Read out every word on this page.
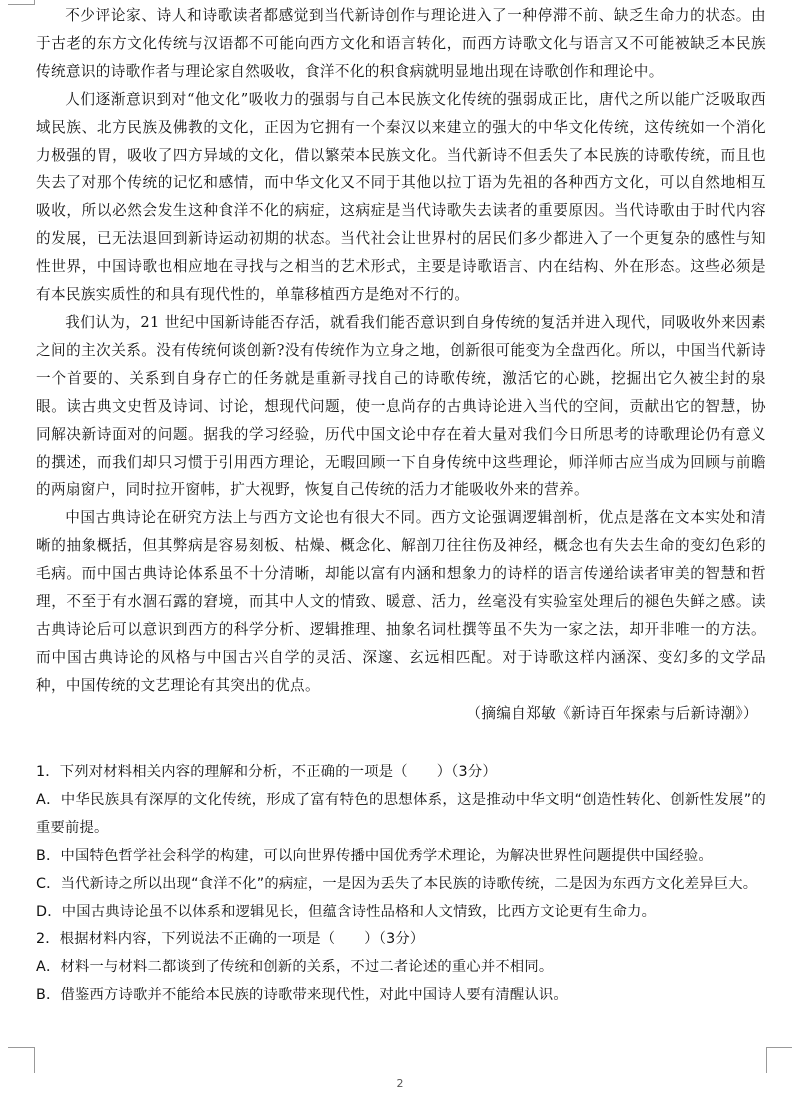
不少评论家、诗人和诗歌读者都感觉到当代新诗创作与理论进入了一种停滞不前、缺乏生命力的状态。由于古老的东方文化传统与汉语都不可能向西方文化和语言转化，而西方诗歌文化与语言又不可能被缺乏本民族传统意识的诗歌作者与理论家自然吸收，食洋不化的积食病就明显地出现在诗歌创作和理论中。

人们逐渐意识到对“他文化”吸收力的强弱与自己本民族文化传统的强弱成正比，唐代之所以能广泛吸取西域民族、北方民族及佛教的文化，正因为它拥有一个秦汉以来建立的强大的中华文化传统，这传统如一个消化力极强的胃，吸收了四方异域的文化，借以繁荣本民族文化。当代新诗不但丢失了本民族的诗歌传统，而且也失去了对那个传统的记忆和感情，而中华文化又不同于其他以拉丁语为先祖的各种西方文化，可以自然地相互吸收，所以必然会发生这种食洋不化的病症，这病症是当代诗歌失去读者的重要原因。当代诗歌由于时代内容的发展，已无法退回到新诗运动初期的状态。当代社会让世界村的居民们多少都进入了一个更复杂的感性与知性世界，中国诗歌也相应地在寻找与之相当的艺术形式，主要是诗歌语言、内在结构、外在形态。这些必须是有本民族实质性的和具有现代性的，单靠移植西方是绝对不行的。

我们认为，21 世纪中国新诗能否存活，就看我们能否意识到自身传统的复活并进入现代，同吸收外来因素之间的主次关系。没有传统何谈创新?没有传统作为立身之地，创新很可能变为全盘西化。所以，中国当代新诗一个首要的、关系到自身存亡的任务就是重新寻找自己的诗歌传统，激活它的心跳，挖掘出它久被尘封的泉眼。读古典文史哲及诗词、讨论，想现代问题，使一息尚存的古典诗论进入当代的空间，贡献出它的智慧，协同解决新诗面对的问题。据我的学习经验，历代中国文论中存在着大量对我们今日所思考的诗歌理论仍有意义的撰述，而我们却只习惯于引用西方理论，无暇回顾一下自身传统中这些理论，师洋师古应当成为回顾与前瞻的两扇窗户，同时拉开窗帏，扩大视野，恢复自己传统的活力才能吸收外来的营养。

中国古典诗论在研究方法上与西方文论也有很大不同。西方文论强调逻辑剖析，优点是落在文本实处和清晰的抽象概括，但其弊病是容易刻板、枯燥、概念化、解剖刀往往伤及神经，概念也有失去生命的变幻色彩的毛病。而中国古典诗论体系虽不十分清晰，却能以富有内涵和想象力的诗样的语言传递给读者审美的智慧和哲理，不至于有水涸石露的窘境，而其中人文的情致、暖意、活力，丝毫没有实验室处理后的褪色失鲜之感。读古典诗论后可以意识到西方的科学分析、逻辑推理、抽象名词杜撰等虽不失为一家之法，却开非唯一的方法。而中国古典诗论的风格与中国古兴自学的灵活、深邃、玄远相匹配。对于诗歌这样内涵深、变幻多的文学品种，中国传统的文艺理论有其突出的优点。

（摘编自郑敏《新诗百年探索与后新诗潮》）

1．下列对材料相关内容的理解和分析，不正确的一项是（　　）（3分）

A．中华民族具有深厚的文化传统，形成了富有特色的思想体系，这是推动中华文明“创造性转化、创新性发展”的重要前提。

B．中国特色哲学社会科学的构建，可以向世界传播中国优秀学术理论，为解决世界性问题提供中国经验。

C．当代新诗之所以出现“食洋不化”的病症，一是因为丢失了本民族的诗歌传统，二是因为东西方文化差异巨大。

D．中国古典诗论虽不以体系和逻辑见长，但蕴含诗性品格和人文情致，比西方文论更有生命力。

2．根据材料内容，下列说法不正确的一项是（　　）（3分）

A．材料一与材料二都谈到了传统和创新的关系，不过二者论述的重心并不相同。

B．借鉴西方诗歌并不能给本民族的诗歌带来现代性，对此中国诗人要有清醒认识。

2
